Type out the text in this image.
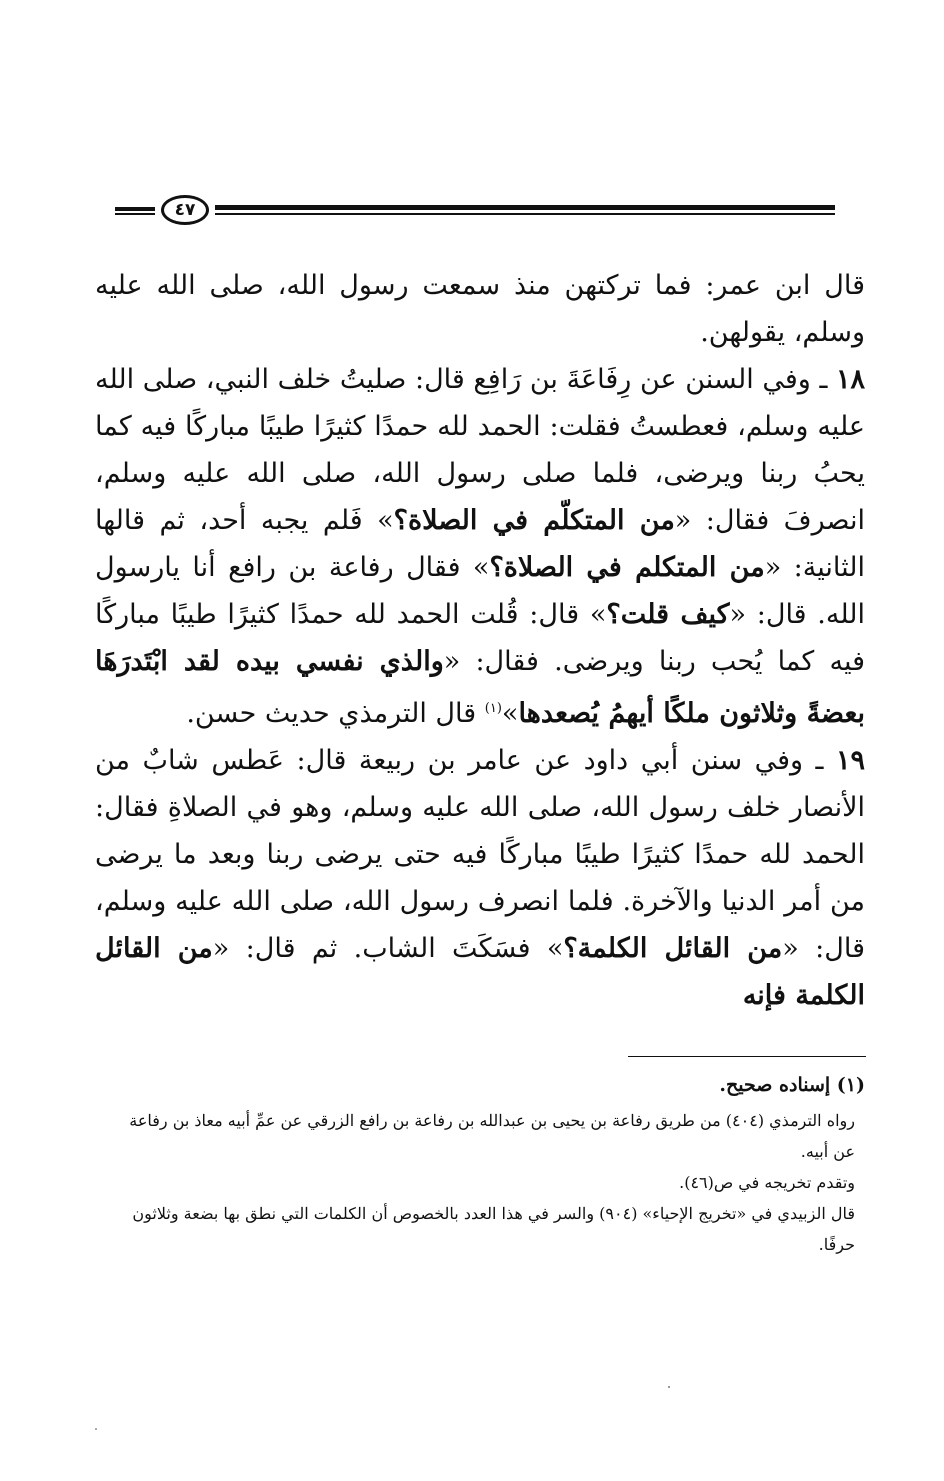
٤٧

قال ابن عمر: فما تركتهن منذ سمعت رسول الله، صلى الله عليه وسلم، يقولهن.

١٨ ـ وفي السنن عن رِفَاعَةَ بن رَافِع قال: صليتُ خلف النبي، صلى الله عليه وسلم، فعطستُ فقلت: الحمد لله حمدًا كثيرًا طيبًا مباركًا فيه كما يحبُ ربنا ويرضى، فلما صلى رسول الله، صلى الله عليه وسلم، انصرفَ فقال: «من المتكلّم في الصلاة؟» فَلم يجبه أحد، ثم قالها الثانية: «من المتكلم في الصلاة؟» فقال رفاعة بن رافع أنا يارسول الله. قال: «كيف قلت؟» قال: قُلت الحمد لله حمدًا كثيرًا طيبًا مباركًا فيه كما يُحب ربنا ويرضى. فقال: «والذي نفسي بيده لقد ابْتَدرَهَا بعضةً وثلاثون ملكًا أيهمُ يُصعدها»$^{(١)}$ قال الترمذي حديث حسن.

١٩ ـ وفي سنن أبي داود عن عامر بن ربيعة قال: عَطس شابٌ من الأنصار خلف رسول الله، صلى الله عليه وسلم، وهو في الصلاةِ فقال: الحمد لله حمدًا كثيرًا طيبًا مباركًا فيه حتى يرضى ربنا وبعد ما يرضى من أمر الدنيا والآخرة. فلما انصرف رسول الله، صلى الله عليه وسلم، قال: «من القائل الكلمة؟» فسَكَتَ الشاب. ثم قال: «من القائل الكلمة فإنه

(١) إسناده صحيح.

رواه الترمذي (٤٠٤) من طريق رفاعة بن يحيى بن عبدالله بن رفاعة بن رافع الزرقي عن عمِّ أبيه معاذ بن رفاعة عن أبيه.

وتقدم تخريجه في ص(٤٦).

قال الزبيدي في «تخريج الإحياء» (٩٠٤) والسر في هذا العدد بالخصوص أن الكلمات التي نطق بها بضعة وثلاثون حرفًا.
